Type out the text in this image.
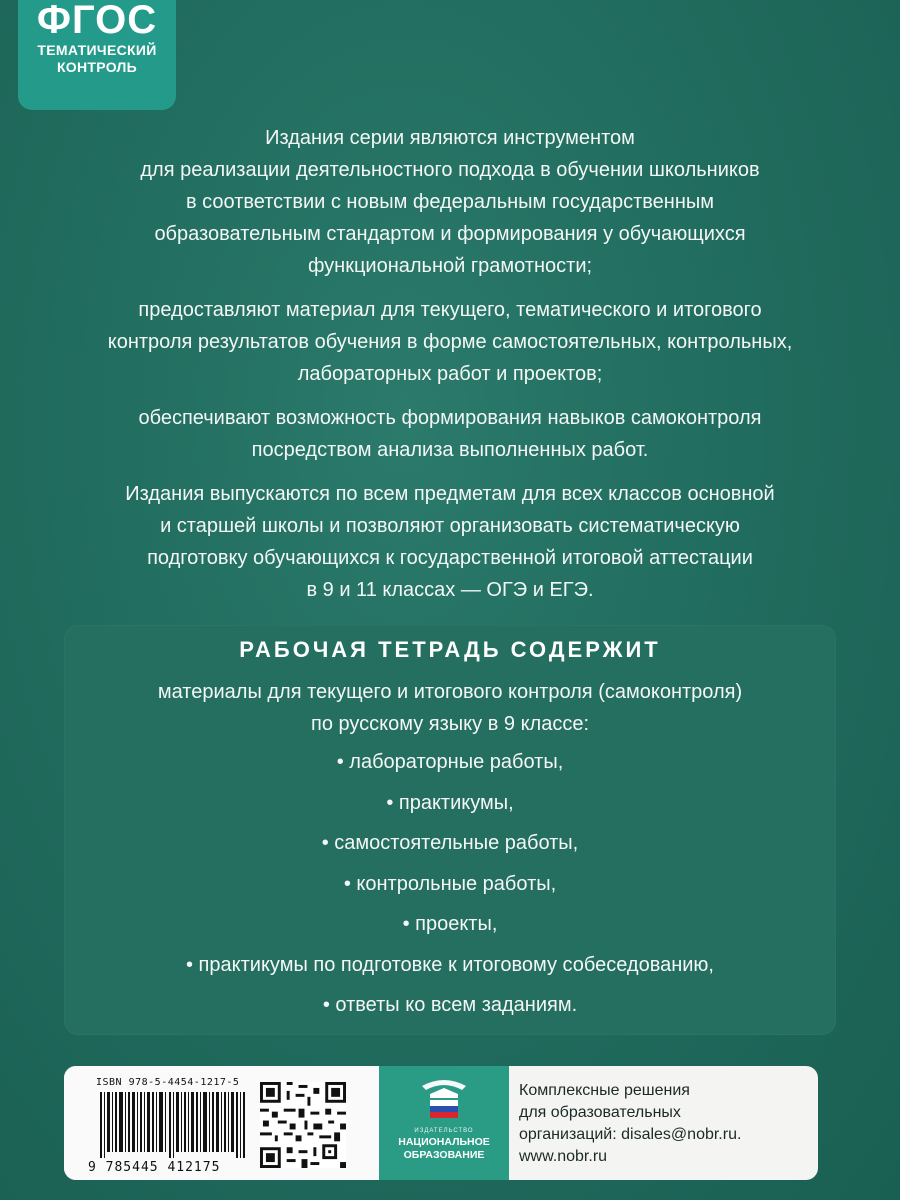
ФГОС
ТЕМАТИЧЕСКИЙ
КОНТРОЛЬ

Издания серии являются инструментом
для реализации деятельностного подхода в обучении школьников
в соответствии с новым федеральным государственным
образовательным стандартом и формирования у обучающихся
функциональной грамотности;

предоставляют материал для текущего, тематического и итогового
контроля результатов обучения в форме самостоятельных, контрольных,
лабораторных работ и проектов;

обеспечивают возможность формирования навыков самоконтроля
посредством анализа выполненных работ.

Издания выпускаются по всем предметам для всех классов основной
и старшей школы и позволяют организовать систематическую
подготовку обучающихся к государственной итоговой аттестации
в 9 и 11 классах — ОГЭ и ЕГЭ.

РАБОЧАЯ ТЕТРАДЬ СОДЕРЖИТ
материалы для текущего и итогового контроля (самоконтроля)
по русскому языку в 9 классе:
• лабораторные работы,
• практикумы,
• самостоятельные работы,
• контрольные работы,
• проекты,
• практикумы по подготовке к итоговому собеседованию,
• ответы ко всем заданиям.
ISBN 978-5-4454-1217-5
9 785445 412175
ИЗДАТЕЛЬСТВО
НАЦИОНАЛЬНОЕ
ОБРАЗОВАНИЕ
Комплексные решения
для образовательных
организаций: disales@nobr.ru.
www.nobr.ru
